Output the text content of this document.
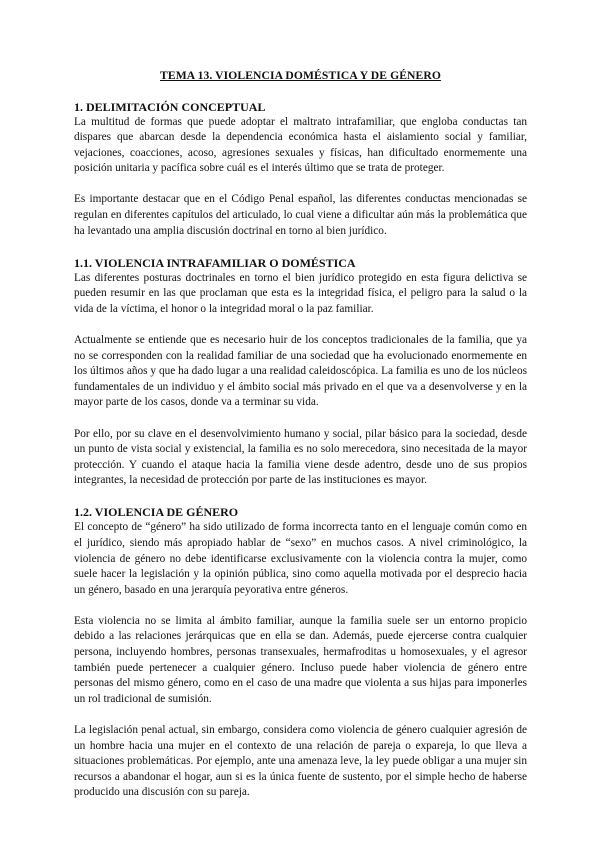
TEMA 13. VIOLENCIA DOMÉSTICA Y DE GÉNERO
1. DELIMITACIÓN CONCEPTUAL

La multitud de formas que puede adoptar el maltrato intrafamiliar, que engloba conductas tan dispares que abarcan desde la dependencia económica hasta el aislamiento social y familiar, vejaciones, coacciones, acoso, agresiones sexuales y físicas, han dificultado enormemente una posición unitaria y pacífica sobre cuál es el interés último que se trata de proteger.

Es importante destacar que en el Código Penal español, las diferentes conductas mencionadas se regulan en diferentes capítulos del articulado, lo cual viene a dificultar aún más la problemática que ha levantado una amplia discusión doctrinal en torno al bien jurídico.

1.1. VIOLENCIA INTRAFAMILIAR O DOMÉSTICA

Las diferentes posturas doctrinales en torno el bien jurídico protegido en esta figura delictiva se pueden resumir en las que proclaman que esta es la integridad física, el peligro para la salud o la vida de la víctima, el honor o la integridad moral o la paz familiar.

Actualmente se entiende que es necesario huir de los conceptos tradicionales de la familia, que ya no se corresponden con la realidad familiar de una sociedad que ha evolucionado enormemente en los últimos años y que ha dado lugar a una realidad caleidoscópica. La familia es uno de los núcleos fundamentales de un individuo y el ámbito social más privado en el que va a desenvolverse y en la mayor parte de los casos, donde va a terminar su vida.

Por ello, por su clave en el desenvolvimiento humano y social, pilar básico para la sociedad, desde un punto de vista social y existencial, la familia es no solo merecedora, sino necesitada de la mayor protección. Y cuando el ataque hacia la familia viene desde adentro, desde uno de sus propios integrantes, la necesidad de protección por parte de las instituciones es mayor.

1.2. VIOLENCIA DE GÉNERO

El concepto de “género” ha sido utilizado de forma incorrecta tanto en el lenguaje común como en el jurídico, siendo más apropiado hablar de “sexo” en muchos casos. A nivel criminológico, la violencia de género no debe identificarse exclusivamente con la violencia contra la mujer, como suele hacer la legislación y la opinión pública, sino como aquella motivada por el desprecio hacia un género, basado en una jerarquía peyorativa entre géneros.

Esta violencia no se limita al ámbito familiar, aunque la familia suele ser un entorno propicio debido a las relaciones jerárquicas que en ella se dan. Además, puede ejercerse contra cualquier persona, incluyendo hombres, personas transexuales, hermafroditas u homosexuales, y el agresor también puede pertenecer a cualquier género. Incluso puede haber violencia de género entre personas del mismo género, como en el caso de una madre que violenta a sus hijas para imponerles un rol tradicional de sumisión.

La legislación penal actual, sin embargo, considera como violencia de género cualquier agresión de un hombre hacia una mujer en el contexto de una relación de pareja o expareja, lo que lleva a situaciones problemáticas. Por ejemplo, ante una amenaza leve, la ley puede obligar a una mujer sin recursos a abandonar el hogar, aun si es la única fuente de sustento, por el simple hecho de haberse producido una discusión con su pareja.
